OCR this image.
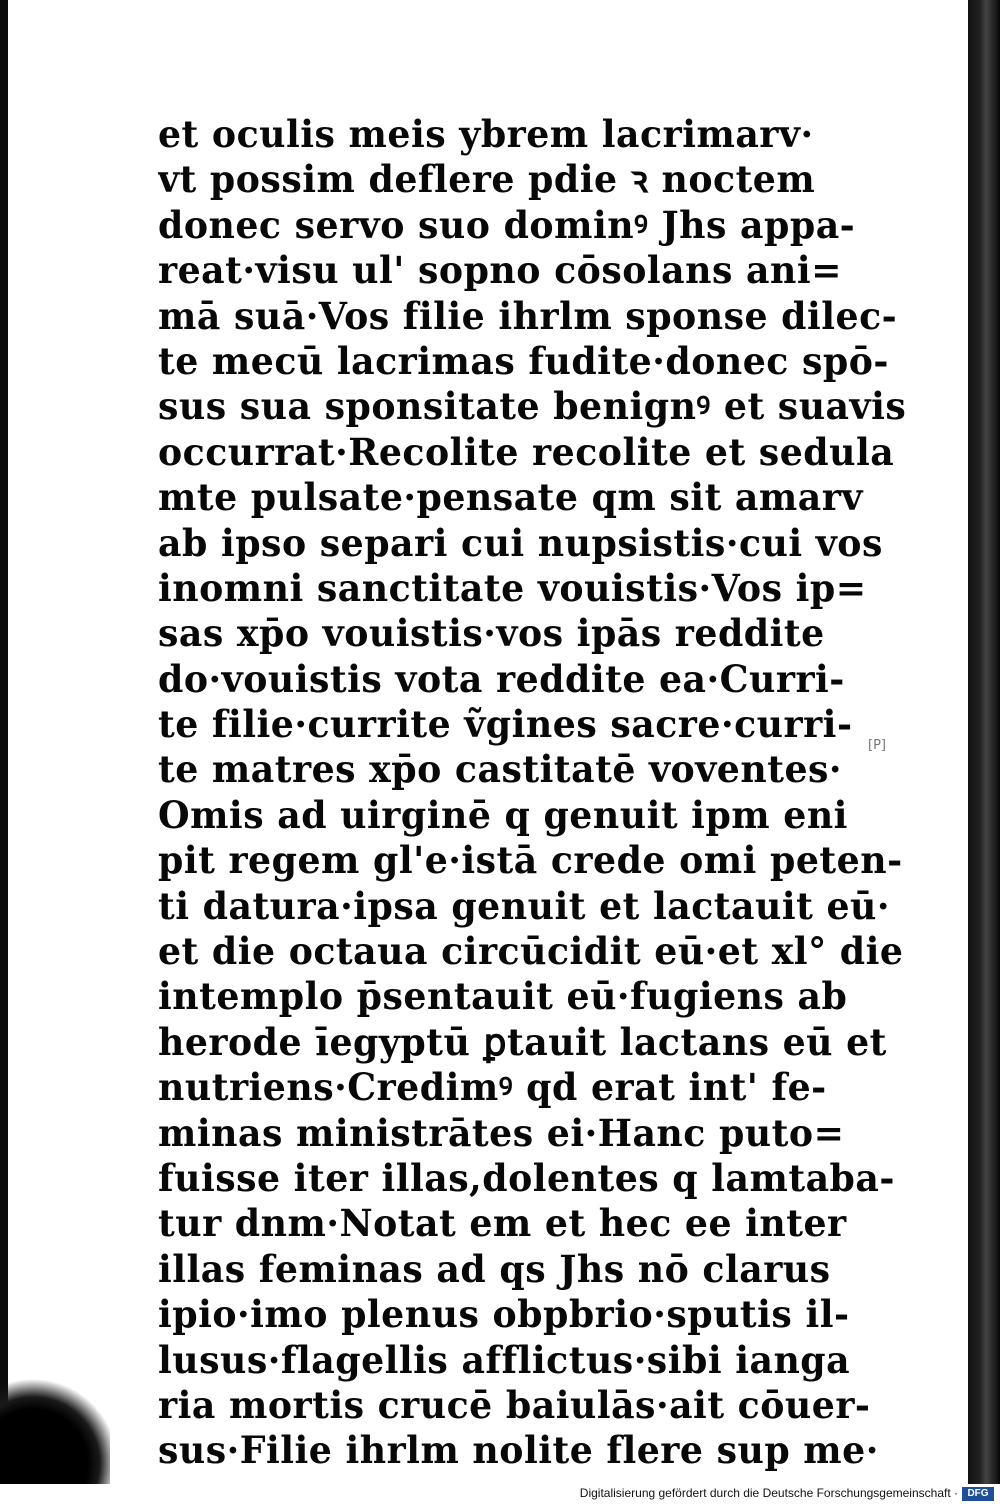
et oculis meis ybrem lacrimarv·
vt possim deflere pdie ꝛ noctem
donec servo suo dominꝰ Jhs appa-
reat·visu ul' sopno cōsolans ani=
mā suā·Vos filie ihrlm sponse dilec-
te mecū lacrimas fudite·donec spō-
sus sua sponsitate benignꝰ et suavis
occurrat·Recolite recolite et sedula
mte pulsate·pensate qm sit amarv
ab ipso separi cui nupsistis·cui vos
inomni sanctitate vouistis·Vos ip=
sas xp̄o vouistis·vos ipās reddite
do·vouistis vota reddite ea·Curri-
te filie·currite ṽgines sacre·curri-
te matres xp̄o castitatē voventes·
Omis ad uirginē q genuit ipm eni
pit regem gl'e·istā crede omi peten-
ti datura·ipsa genuit et lactauit eū·
et die octaua circūcidit eū·et xl° die
intemplo p̄sentauit eū·fugiens ab
herode īegyptū ꝑtauit lactans eū et
nutriens·Credimꝰ qd erat int' fe-
minas ministrātes ei·Hanc puto=
fuisse iter illas,dolentes q lamtaba-
tur dnm·Notat em et hec ee inter
illas feminas ad qs Jhs nō clarus
ipio·imo plenus obpbrio·sputis il-
lusus·flagellis afflictus·sibi ianga
ria mortis crucē baiulās·ait cōuer-
sus·Filie ihrlm nolite flere sup me·
[P]
Digitalisierung gefördert durch die Deutsche Forschungsgemeinschaft · DFG
